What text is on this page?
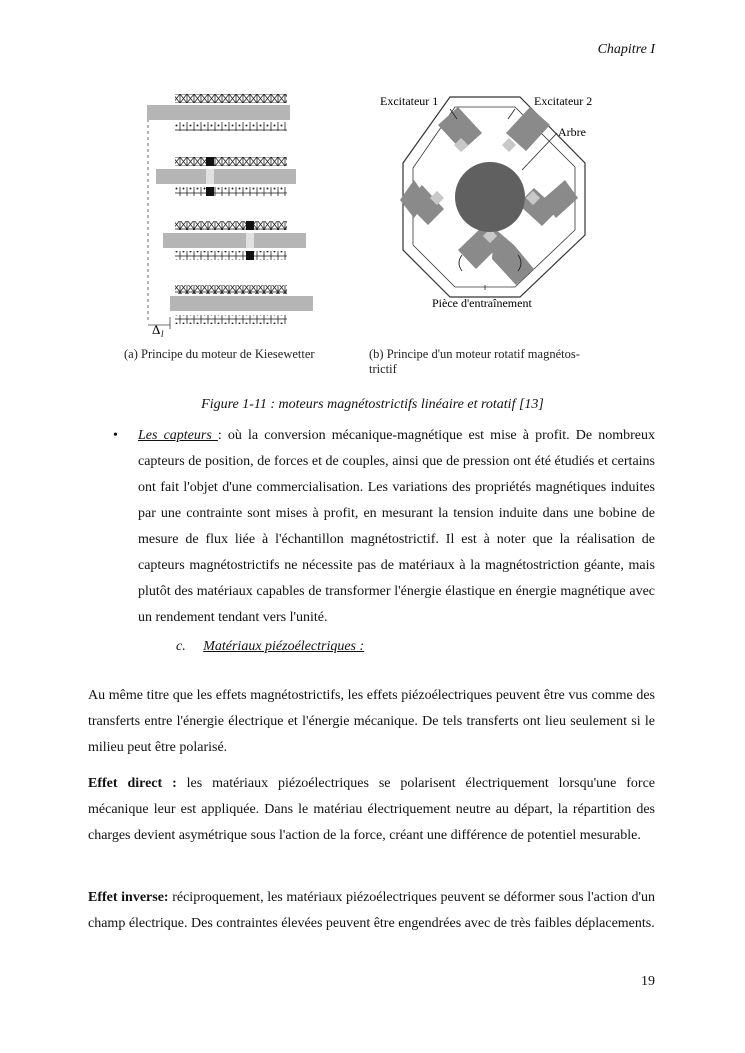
Chapitre I
Δ l
Excitateur 1	Excitateur 2
Arbre
Pièce d'entraînement
(a) Principe du moteur de Kiesewetter	(b) Principe d'un moteur rotatif magnétos-
trictif
Figure 1-11 : moteurs magnétostrictifs linéaire et rotatif [13]
• Les capteurs : où la conversion mécanique-magnétique est mise à profit. De nombreux capteurs de position, de forces et de couples, ainsi que de pression ont été étudiés et certains ont fait l'objet d'une commercialisation. Les variations des propriétés magnétiques induites par une contrainte sont mises à profit, en mesurant la tension induite dans une bobine de mesure de flux liée à l'échantillon magnétostrictif. Il est à noter que la réalisation de capteurs magnétostrictifs ne nécessite pas de matériaux à la magnétostriction géante, mais plutôt des matériaux capables de transformer l'énergie élastique en énergie magnétique avec un rendement tendant vers l'unité.
c. Matériaux piézoélectriques :
Au même titre que les effets magnétostrictifs, les effets piézoélectriques peuvent être vus comme des transferts entre l'énergie électrique et l'énergie mécanique. De tels transferts ont lieu seulement si le milieu peut être polarisé.
Effet direct : les matériaux piézoélectriques se polarisent électriquement lorsqu'une force mécanique leur est appliquée. Dans le matériau électriquement neutre au départ, la répartition des charges devient asymétrique sous l'action de la force, créant une différence de potentiel mesurable.
Effet inverse: réciproquement, les matériaux piézoélectriques peuvent se déformer sous l'action d'un champ électrique. Des contraintes élevées peuvent être engendrées avec de très faibles déplacements.
19
